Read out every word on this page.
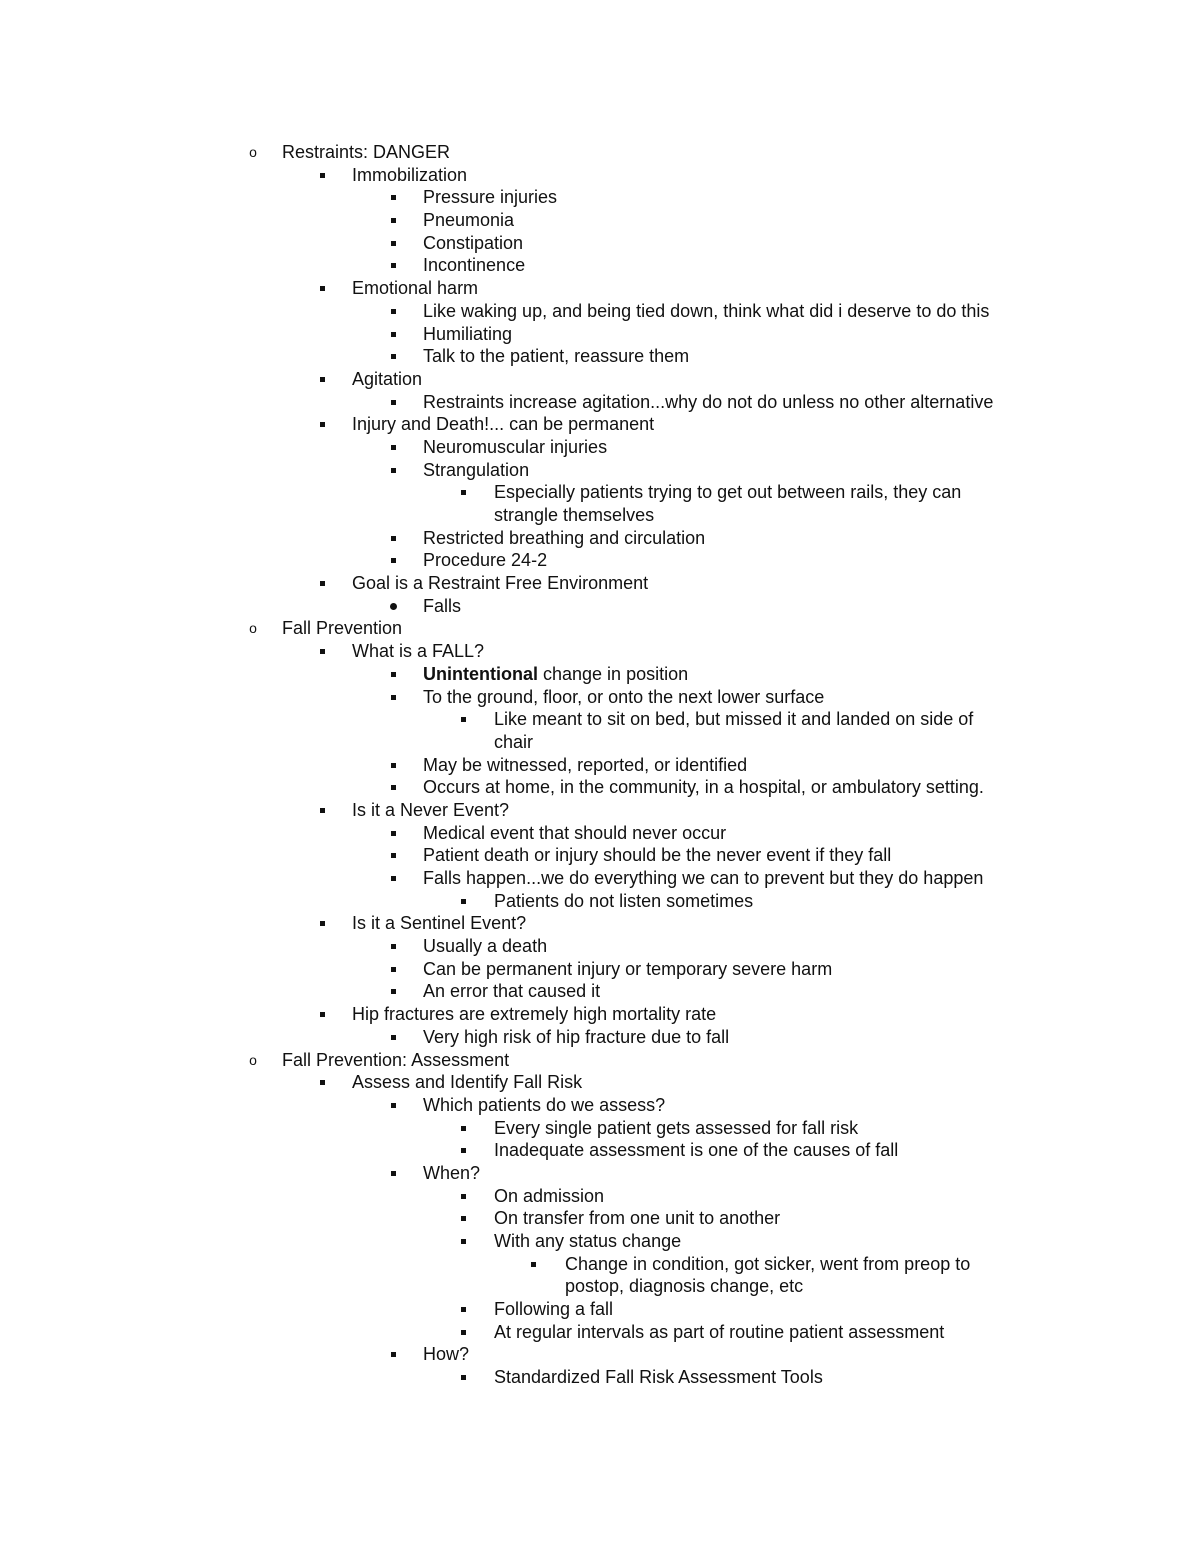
o	Restraints: DANGER
Immobilization
Pressure injuries
Pneumonia
Constipation
Incontinence
Emotional harm
Like waking up, and being tied down, think what did i deserve to do this
Humiliating
Talk to the patient, reassure them
Agitation
Restraints increase agitation...why do not do unless no other alternative
Injury and Death!... can be permanent
Neuromuscular injuries
Strangulation
Especially patients trying to get out between rails, they can
strangle themselves
Restricted breathing and circulation
Procedure 24-2
Goal is a Restraint Free Environment
Falls
o	Fall Prevention
What is a FALL?
Unintentional change in position
To the ground, floor, or onto the next lower surface
Like meant to sit on bed, but missed it and landed on side of
chair
May be witnessed, reported, or identified
Occurs at home, in the community, in a hospital, or ambulatory setting.
Is it a Never Event?
Medical event that should never occur
Patient death or injury should be the never event if they fall
Falls happen...we do everything we can to prevent but they do happen
Patients do not listen sometimes
Is it a Sentinel Event?
Usually a death
Can be permanent injury or temporary severe harm
An error that caused it
Hip fractures are extremely high mortality rate
Very high risk of hip fracture due to fall
o	Fall Prevention: Assessment
Assess and Identify Fall Risk
Which patients do we assess?
Every single patient gets assessed for fall risk
Inadequate assessment is one of the causes of fall
When?
On admission
On transfer from one unit to another
With any status change
Change in condition, got sicker, went from preop to
postop, diagnosis change, etc
Following a fall
At regular intervals as part of routine patient assessment
How?
Standardized Fall Risk Assessment Tools
